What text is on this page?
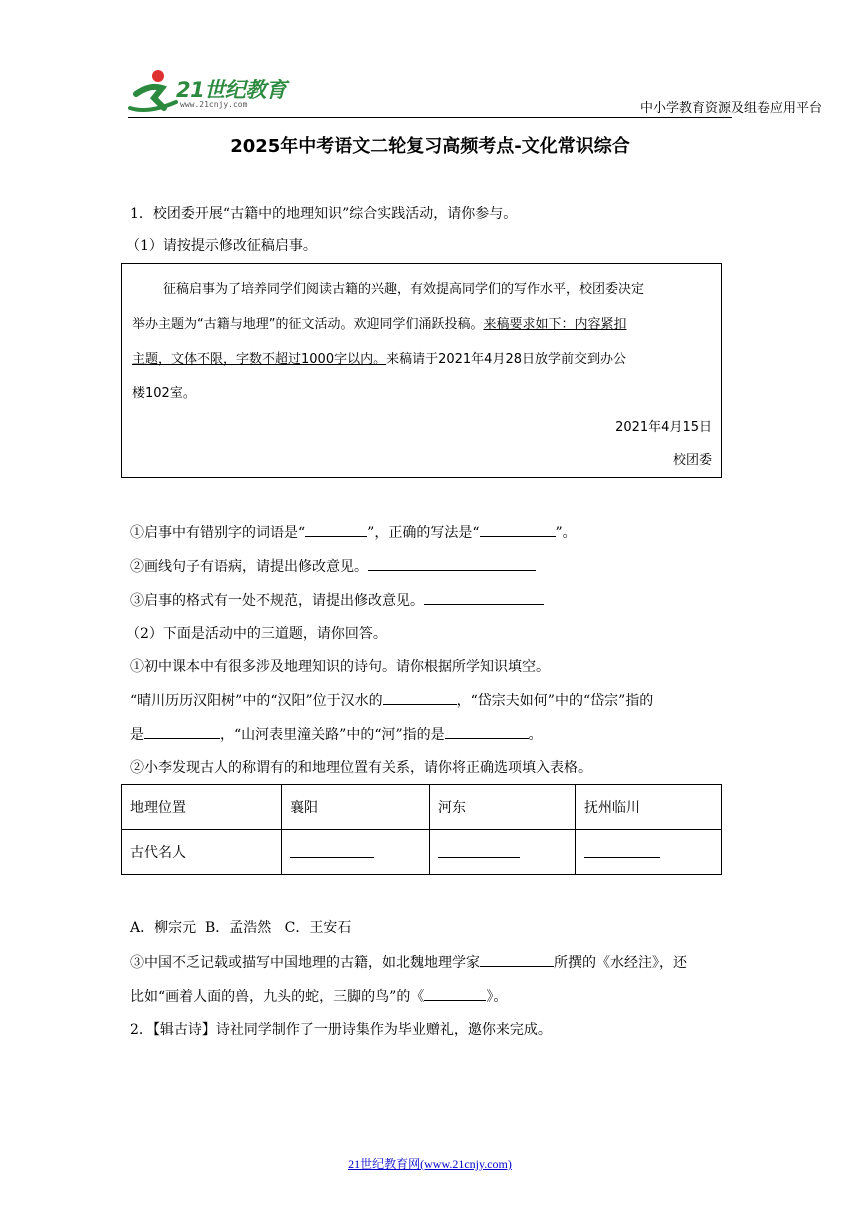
21世纪教育
www.21cnjy.com	中小学教育资源及组卷应用平台
2025年中考语文二轮复习高频考点-文化常识综合
1．校团委开展“古籍中的地理知识”综合实践活动，请你参与。
（1）请按提示修改征稿启事。
征稿启事为了培养同学们阅读古籍的兴趣，有效提高同学们的写作水平，校团委决定
举办主题为“古籍与地理”的征文活动。欢迎同学们涌跃投稿。来稿要求如下：内容紧扣
主题，文体不限，字数不超过1000字以内。来稿请于2021年4月28日放学前交到办公
楼102室。
2021年4月15日
校团委
①启事中有错别字的词语是“	”，正确的写法是“	”。
②画线句子有语病，请提出修改意见。
③启事的格式有一处不规范，请提出修改意见。
（2）下面是活动中的三道题，请你回答。
①初中课本中有很多涉及地理知识的诗句。请你根据所学知识填空。
“晴川历历汉阳树”中的“汉阳”位于汉水的	，“岱宗夫如何”中的“岱宗”指的
是	，“山河表里潼关路”中的“河”指的是	。
②小李发现古人的称谓有的和地理位置有关系，请你将正确选项填入表格。
地理位置	襄阳	河东	抚州临川
古代名人			
A．柳宗元  B．孟浩然   C．王安石
③中国不乏记载或描写中国地理的古籍，如北魏地理学家	所撰的《水经注》，还
比如“画着人面的兽，九头的蛇，三脚的鸟”的《	》。
2．【辑古诗】诗社同学制作了一册诗集作为毕业赠礼，邀你来完成。
21世纪教育网(www.21cnjy.com)
